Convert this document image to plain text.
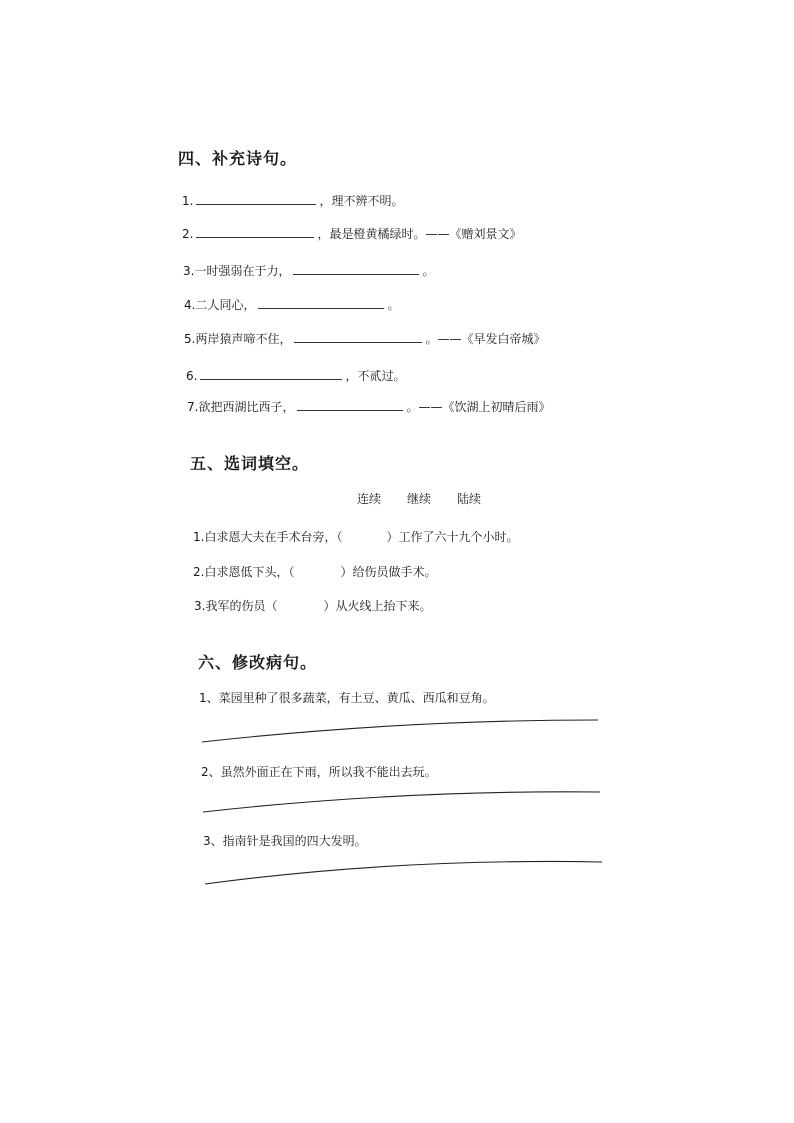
四、补充诗句。
1.	，理不辨不明。
2.	，最是橙黄橘绿时。——《赠刘景文》
3.一时强弱在于力，	。
4.二人同心，	。
5.两岸猿声啼不住，	。——《早发白帝城》
6.	，不贰过。
7.欲把西湖比西子，	。——《饮湖上初晴后雨》
五、选词填空。
连续 继续 陆续
1.白求恩大夫在手术台旁，（	）工作了六十九个小时。
2.白求恩低下头，（	）给伤员做手术。
3.我军的伤员（	）从火线上抬下来。
六、修改病句。
1、菜园里种了很多蔬菜，有土豆、黄瓜、西瓜和豆角。
2、虽然外面正在下雨，所以我不能出去玩。
3、指南针是我国的四大发明。
